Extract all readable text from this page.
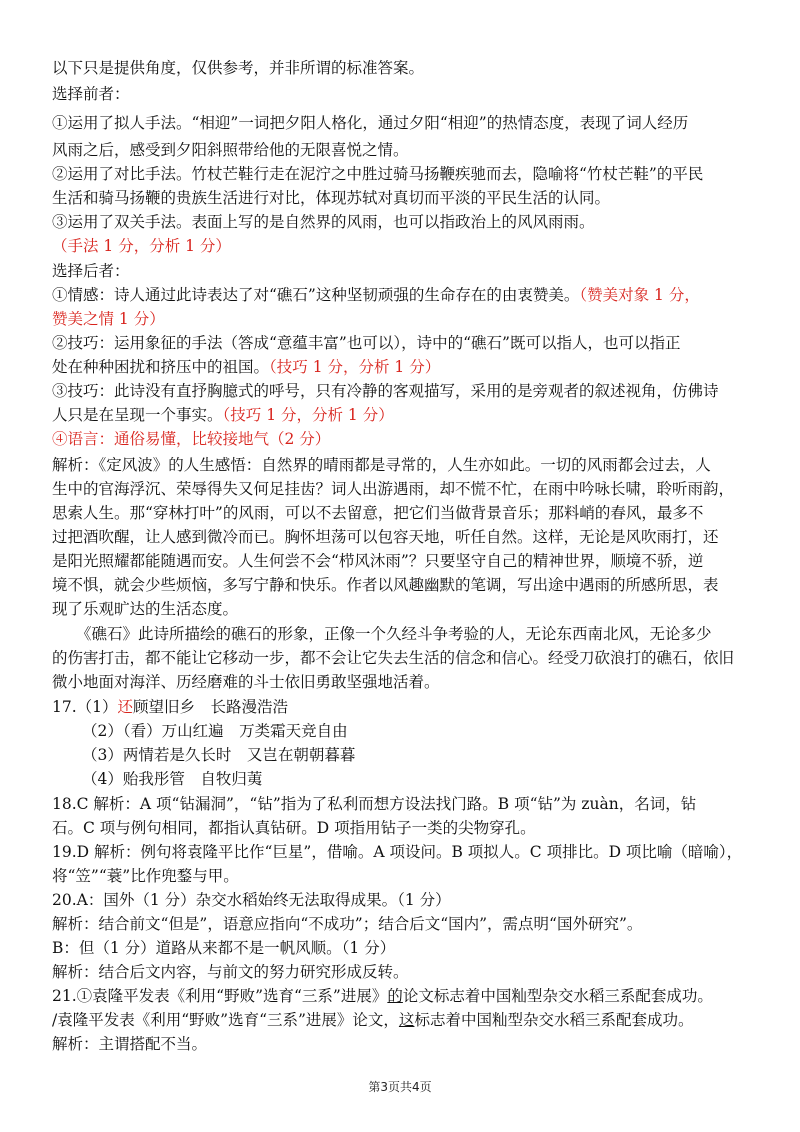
以下只是提供角度，仅供参考，并非所谓的标准答案。
选择前者：
①运用了拟人手法。“相迎”一词把夕阳人格化，通过夕阳“相迎”的热情态度，表现了词人经历
风雨之后，感受到夕阳斜照带给他的无限喜悦之情。
②运用了对比手法。竹杖芒鞋行走在泥泞之中胜过骑马扬鞭疾驰而去，隐喻将“竹杖芒鞋”的平民
生活和骑马扬鞭的贵族生活进行对比，体现苏轼对真切而平淡的平民生活的认同。
③运用了双关手法。表面上写的是自然界的风雨，也可以指政治上的风风雨雨。
（手法 1 分，分析 1 分）
选择后者：
①情感：诗人通过此诗表达了对“礁石”这种坚韧顽强的生命存在的由衷赞美。（赞美对象 1 分，
赞美之情 1 分）
②技巧：运用象征的手法（答成“意蕴丰富”也可以），诗中的“礁石”既可以指人，也可以指正
处在种种困扰和挤压中的祖国。（技巧 1 分，分析 1 分）
③技巧：此诗没有直抒胸臆式的呼号，只有冷静的客观描写，采用的是旁观者的叙述视角，仿佛诗
人只是在呈现一个事实。（技巧 1 分，分析 1 分）
④语言：通俗易懂，比较接地气（2 分）
解析：《定风波》的人生感悟：自然界的晴雨都是寻常的，人生亦如此。一切的风雨都会过去，人
生中的官海浮沉、荣辱得失又何足挂齿？词人出游遇雨，却不慌不忙，在雨中吟咏长啸，聆听雨韵，
思索人生。那“穿林打叶”的风雨，可以不去留意，把它们当做背景音乐；那料峭的春风，最多不
过把酒吹醒，让人感到微冷而已。胸怀坦荡可以包容天地，听任自然。这样，无论是风吹雨打，还
是阳光照耀都能随遇而安。人生何尝不会“栉风沐雨”？只要坚守自己的精神世界，顺境不骄，逆
境不惧，就会少些烦恼，多写宁静和快乐。作者以风趣幽默的笔调，写出途中遇雨的所感所思，表
现了乐观旷达的生活态度。
《礁石》此诗所描绘的礁石的形象，正像一个久经斗争考验的人，无论东西南北风，无论多少
的伤害打击，都不能让它移动一步，都不会让它失去生活的信念和信心。经受刀砍浪打的礁石，依旧
微小地面对海洋、历经磨难的斗士依旧勇敢坚强地活着。
17.（1）还顾望旧乡　长路漫浩浩
（2）（看）万山红遍　万类霜天竞自由
（3）两情若是久长时　又岂在朝朝暮暮
（4）贻我彤管　自牧归荑
18.C 解析：A 项“钻漏洞”，“钻”指为了私利而想方设法找门路。B 项“钻”为 zuàn，名词，钻
石。C 项与例句相同，都指认真钻研。D 项指用钻子一类的尖物穿孔。
19.D 解析：例句将袁隆平比作“巨星”，借喻。A 项设问。B 项拟人。C 项排比。D 项比喻（暗喻），
将“笠”“蓑”比作兜鍪与甲。
20.A：国外（1 分）杂交水稻始终无法取得成果。（1 分）
解析：结合前文“但是”，语意应指向“不成功”；结合后文“国内”，需点明“国外研究”。
B：但（1 分）道路从来都不是一帆风顺。（1 分）
解析：结合后文内容，与前文的努力研究形成反转。
21.①袁隆平发表《利用“野败”选育“三系”进展》的论文标志着中国籼型杂交水稻三系配套成功。
/袁隆平发表《利用“野败”选育“三系”进展》论文，这标志着中国籼型杂交水稻三系配套成功。
解析：主谓搭配不当。
第3页共4页
